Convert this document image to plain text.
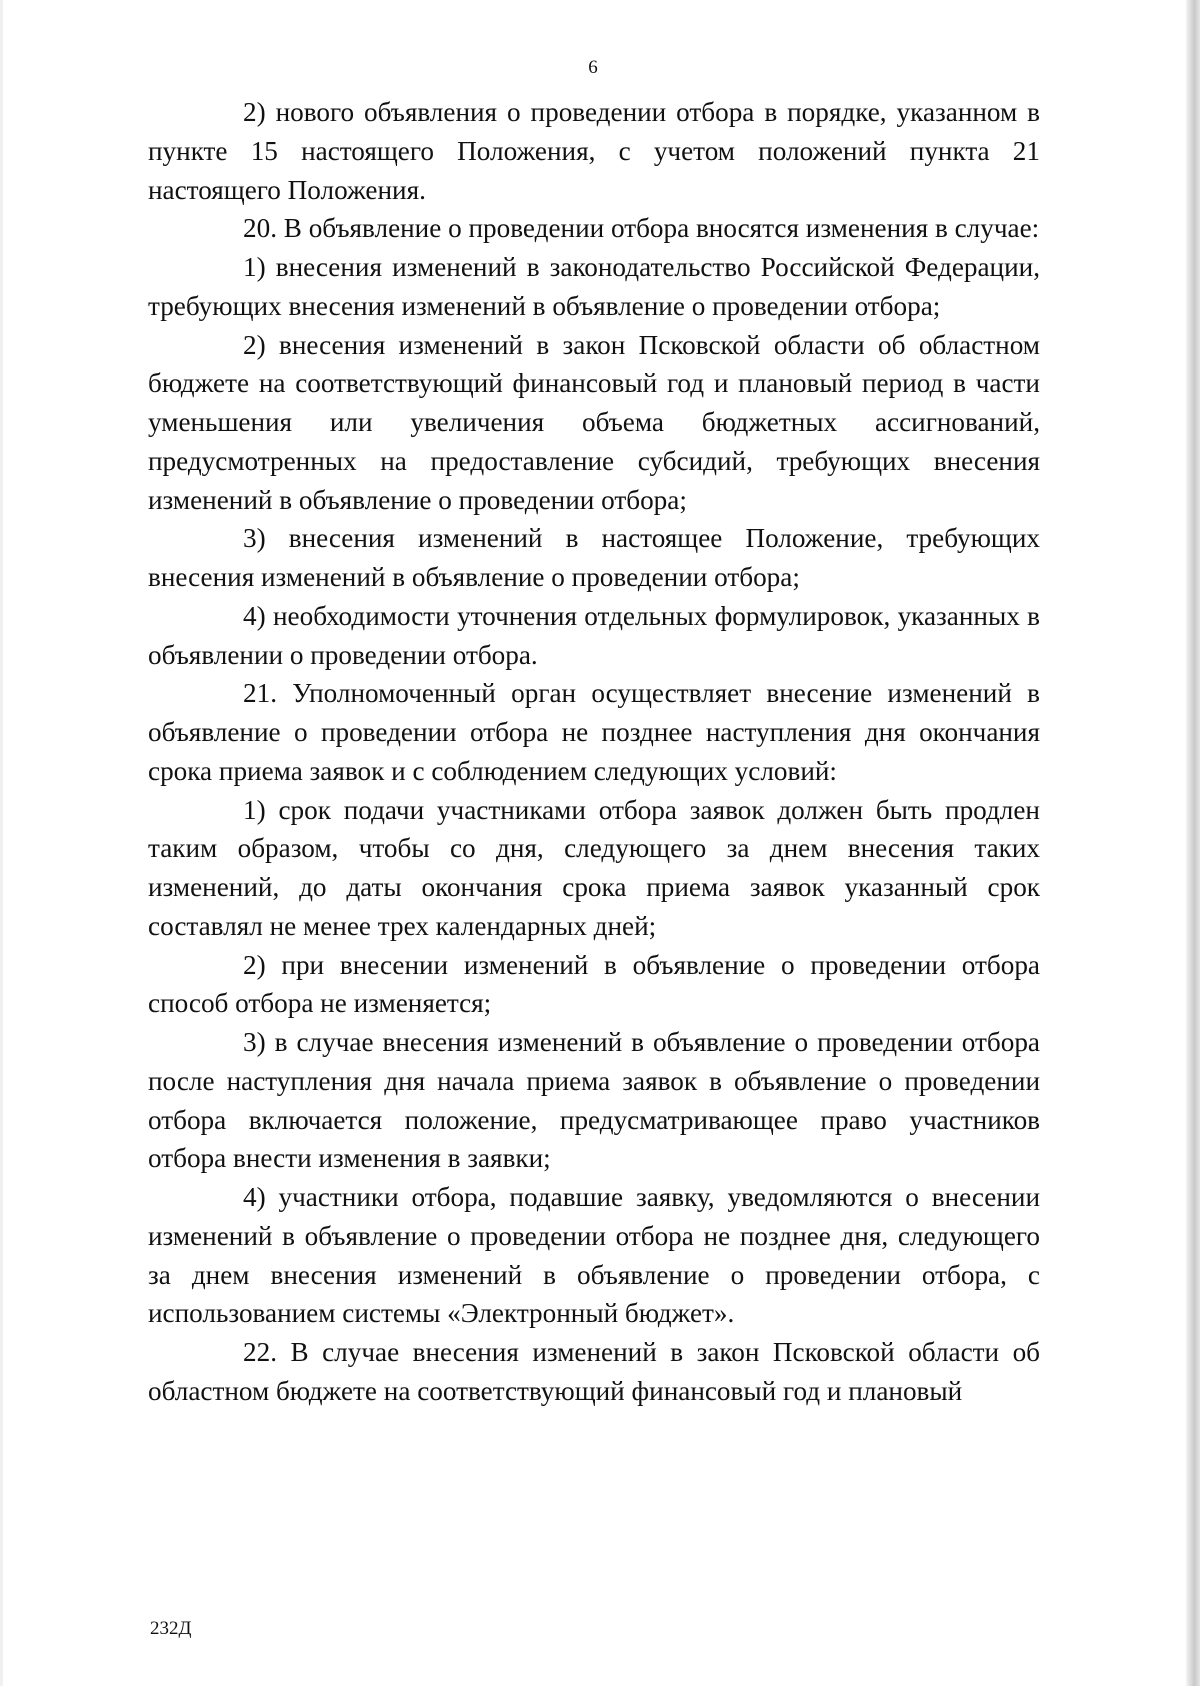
6

2) нового объявления о проведении отбора в порядке, указанном в пункте 15 настоящего Положения, с учетом положений пункта 21 настоящего Положения.

20. В объявление о проведении отбора вносятся изменения в случае:

1) внесения изменений в законодательство Российской Федерации, требующих внесения изменений в объявление о проведении отбора;

2) внесения изменений в закон Псковской области об областном бюджете на соответствующий финансовый год и плановый период в части уменьшения или увеличения объема бюджетных ассигнований, предусмотренных на предоставление субсидий, требующих внесения изменений в объявление о проведении отбора;

3) внесения изменений в настоящее Положение, требующих внесения изменений в объявление о проведении отбора;

4) необходимости уточнения отдельных формулировок, указанных в объявлении о проведении отбора.

21. Уполномоченный орган осуществляет внесение изменений в объявление о проведении отбора не позднее наступления дня окончания срока приема заявок и с соблюдением следующих условий:

1) срок подачи участниками отбора заявок должен быть продлен таким образом, чтобы со дня, следующего за днем внесения таких изменений, до даты окончания срока приема заявок указанный срок составлял не менее трех календарных дней;

2) при внесении изменений в объявление о проведении отбора способ отбора не изменяется;

3) в случае внесения изменений в объявление о проведении отбора после наступления дня начала приема заявок в объявление о проведении отбора включается положение, предусматривающее право участников отбора внести изменения в заявки;

4) участники отбора, подавшие заявку, уведомляются о внесении изменений в объявление о проведении отбора не позднее дня, следующего за днем внесения изменений в объявление о проведении отбора, с использованием системы «Электронный бюджет».

22. В случае внесения изменений в закон Псковской области об областном бюджете на соответствующий финансовый год и плановый

232Д
